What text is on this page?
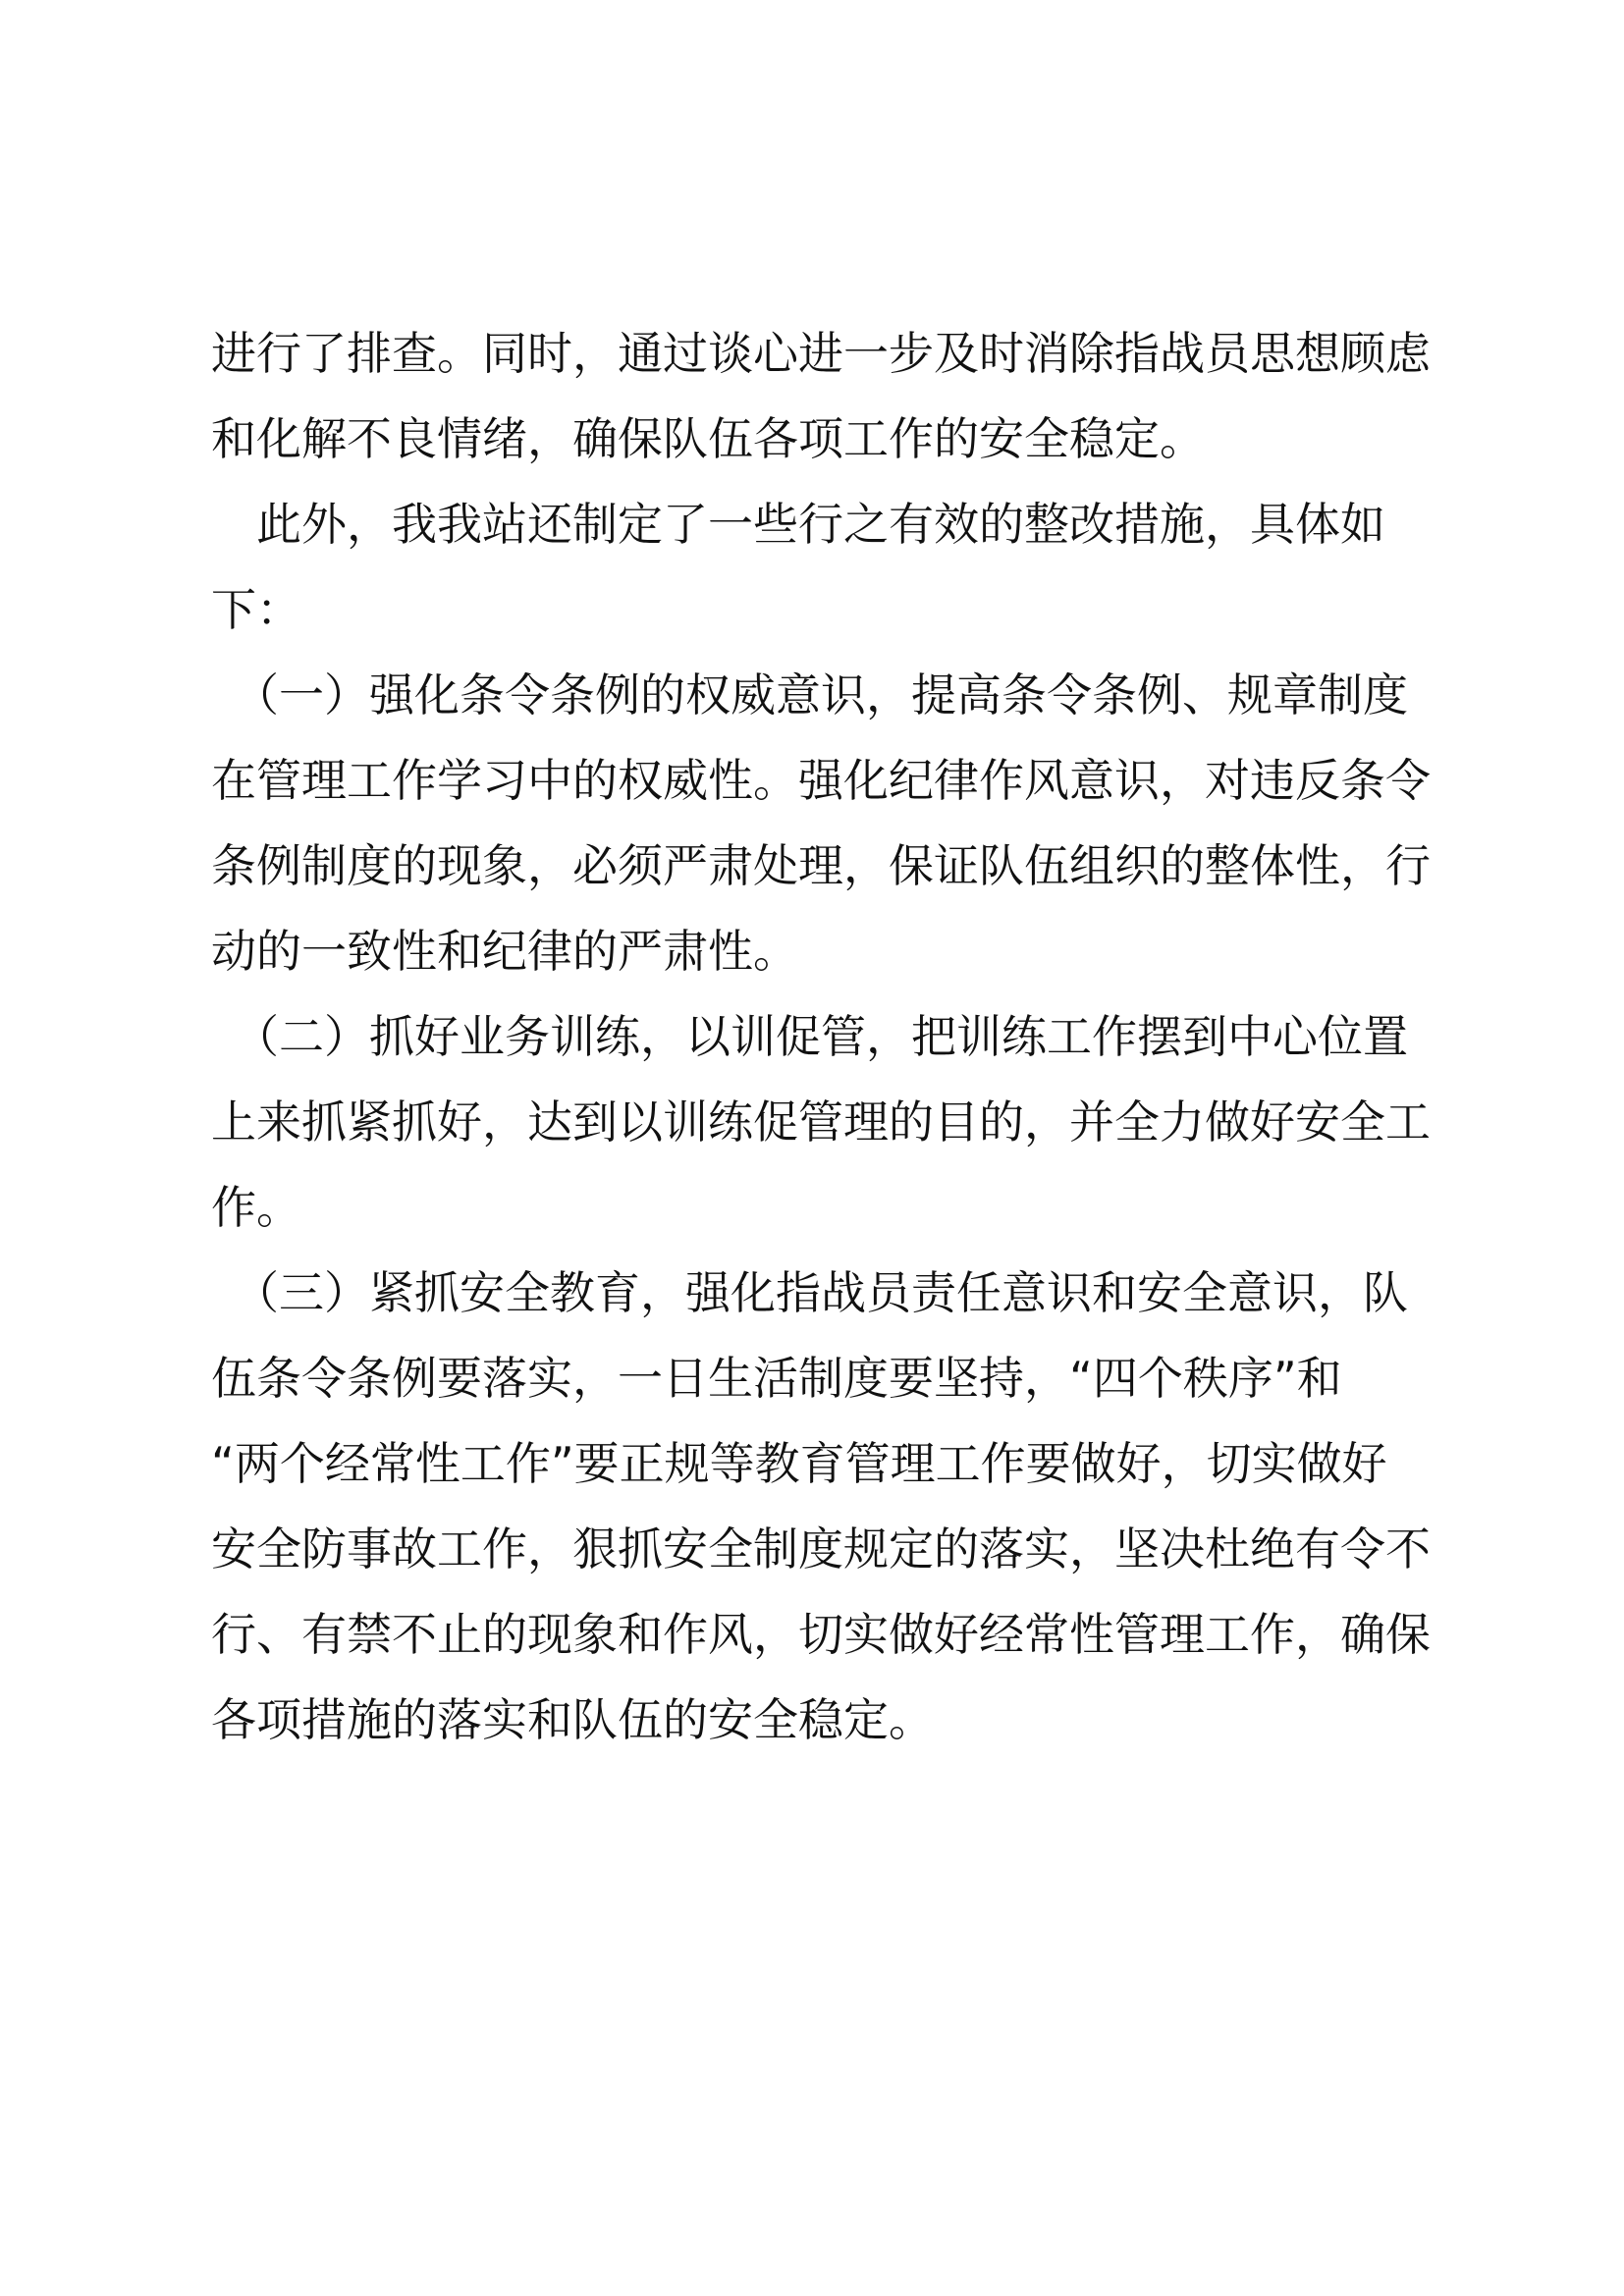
进行了排查。同时，通过谈心进一步及时消除指战员思想顾虑
和化解不良情绪，确保队伍各项工作的安全稳定。
　此外，我我站还制定了一些行之有效的整改措施，具体如
下：
　（一）强化条令条例的权威意识，提高条令条例、规章制度
在管理工作学习中的权威性。强化纪律作风意识，对违反条令
条例制度的现象，必须严肃处理，保证队伍组织的整体性，行
动的一致性和纪律的严肃性。
　（二）抓好业务训练，以训促管，把训练工作摆到中心位置
上来抓紧抓好，达到以训练促管理的目的，并全力做好安全工
作。
　（三）紧抓安全教育，强化指战员责任意识和安全意识，队
伍条令条例要落实，一日生活制度要坚持，“四个秩序”和
“两个经常性工作”要正规等教育管理工作要做好，切实做好
安全防事故工作，狠抓安全制度规定的落实，坚决杜绝有令不
行、有禁不止的现象和作风，切实做好经常性管理工作，确保
各项措施的落实和队伍的安全稳定。
